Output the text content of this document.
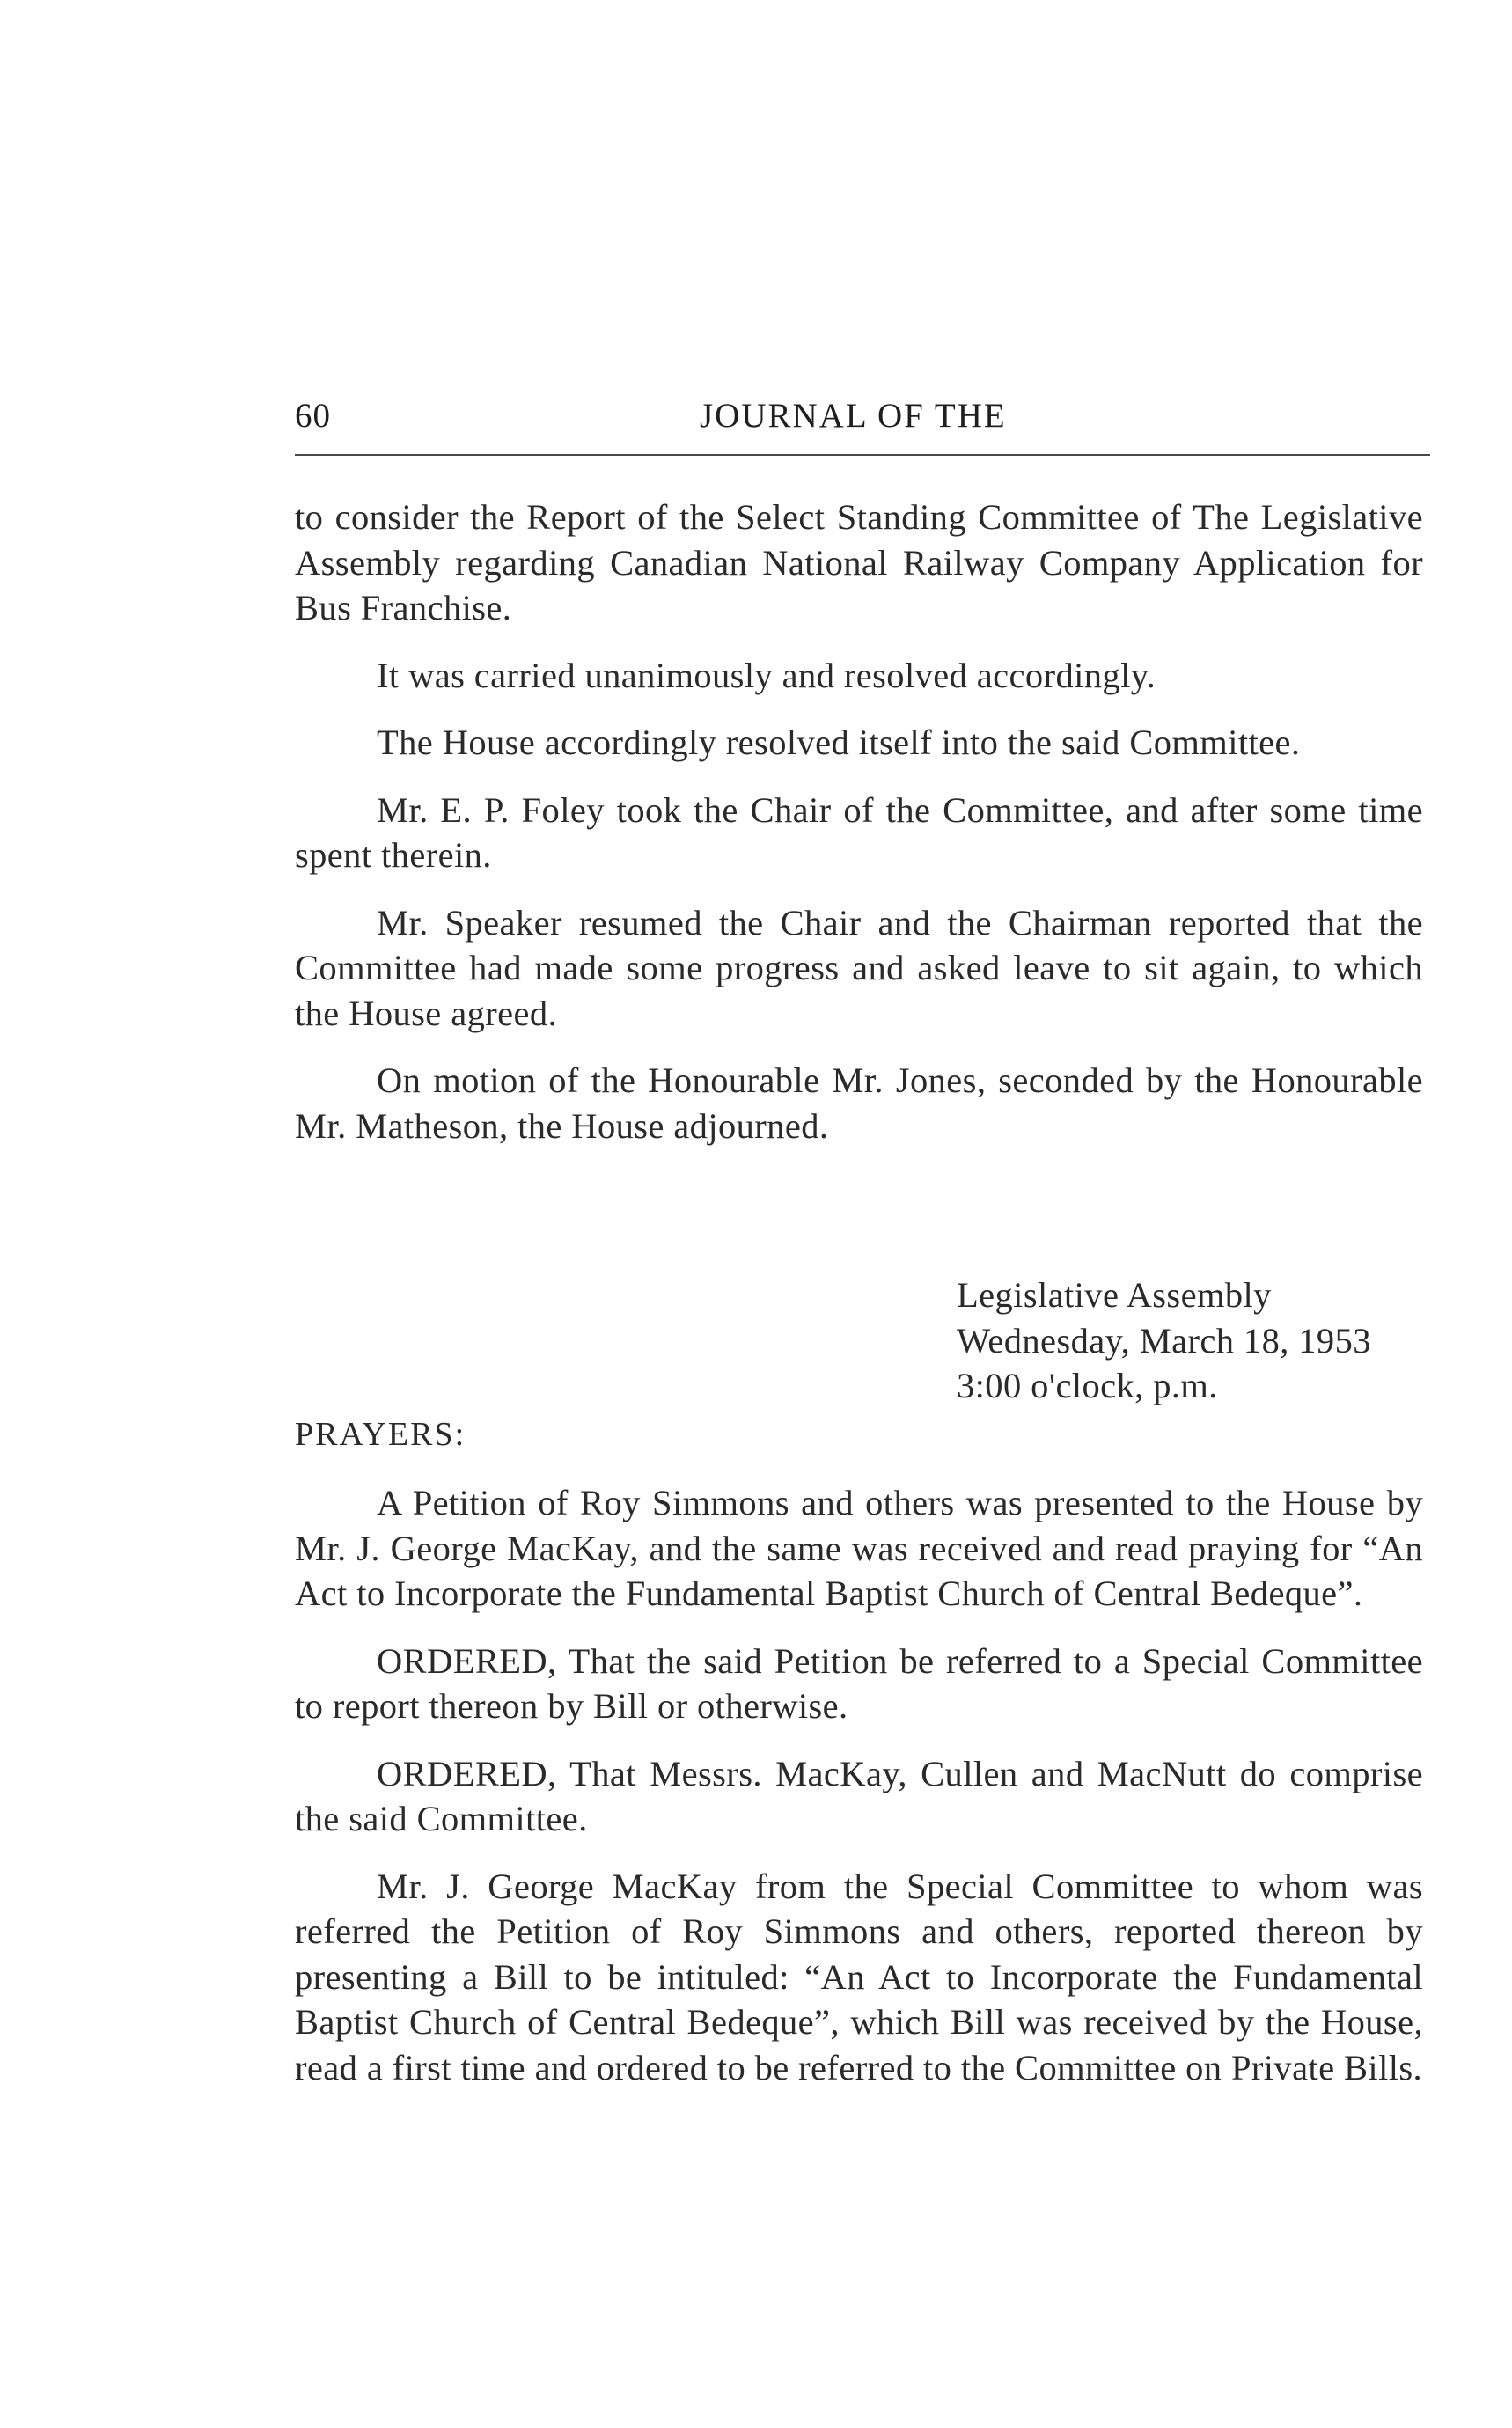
60	JOURNAL OF THE

to consider the Report of the Select Standing Committee of The Legislative Assembly regarding Canadian National Railway Company Application for Bus Franchise.

It was carried unanimously and resolved accordingly.

The House accordingly resolved itself into the said Committee.

Mr. E. P. Foley took the Chair of the Committee, and after some time spent therein.

Mr. Speaker resumed the Chair and the Chairman reported that the Committee had made some progress and asked leave to sit again, to which the House agreed.

On motion of the Honourable Mr. Jones, seconded by the Honourable Mr. Matheson, the House adjourned.

Legislative Assembly
Wednesday, March 18, 1953
3:00 o'clock, p.m.
PRAYERS:

A Petition of Roy Simmons and others was presented to the House by Mr. J. George MacKay, and the same was received and read praying for “An Act to Incorporate the Fundamental Baptist Church of Central Bedeque”.

ORDERED, That the said Petition be referred to a Special Committee to report thereon by Bill or otherwise.

ORDERED, That Messrs. MacKay, Cullen and MacNutt do comprise the said Committee.

Mr. J. George MacKay from the Special Committee to whom was referred the Petition of Roy Simmons and others, reported thereon by presenting a Bill to be intituled: “An Act to Incorporate the Fundamental Baptist Church of Central Bedeque”, which Bill was received by the House, read a first time and ordered to be referred to the Committee on Private Bills.
